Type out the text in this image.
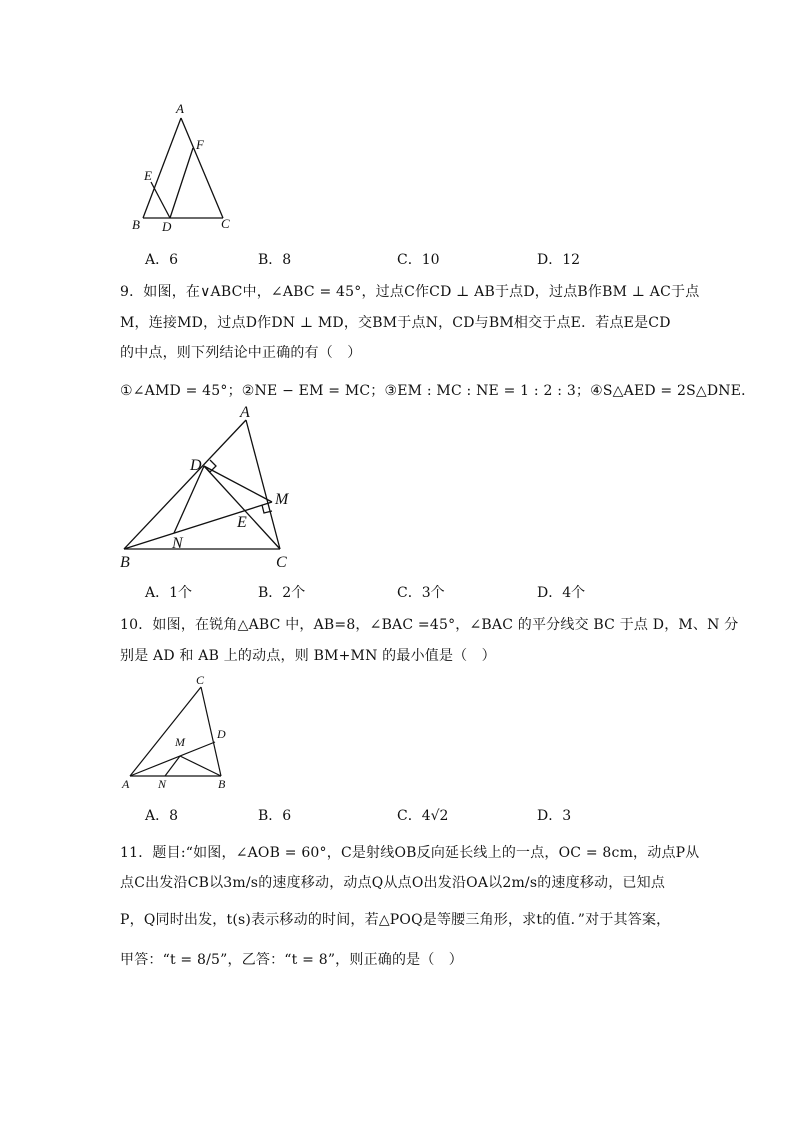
A
F
E
B D	C
A．6	B．8	C．10	D．12
9．如图，在∨ABC中，∠ABC = 45°，过点C作CD ⊥ AB于点D，过点B作BM ⊥ AC于点
M，连接MD，过点D作DN ⊥ MD，交BM于点N，CD与BM相交于点E．若点E是CD
的中点，则下列结论中正确的有（　）
①∠AMD = 45°；②NE − EM = MC；③EM : MC : NE = 1 : 2 : 3；④S△AED = 2S△DNE．
A
D
M
E
N
B	C
A．1个	B．2个	C．3个	D．4个
10．如图，在锐角△ABC 中，AB=8，∠BAC =45°，∠BAC 的平分线交 BC 于点 D，M、N 分
别是 AD 和 AB 上的动点，则 BM+MN 的最小值是（　）
C
D
M
A N	B
A．8	B．6	C．4√2	D．3
11．题目:“如图，∠AOB = 60°，C是射线OB反向延长线上的一点，OC = 8cm，动点P从
点C出发沿CB以3m/s的速度移动，动点Q从点O出发沿OA以2m/s的速度移动，已知点
P，Q同时出发，t(s)表示移动的时间，若△POQ是等腰三角形，求t的值．”对于其答案，
甲答：“t = 8/5”，乙答：“t = 8”，则正确的是（　）
